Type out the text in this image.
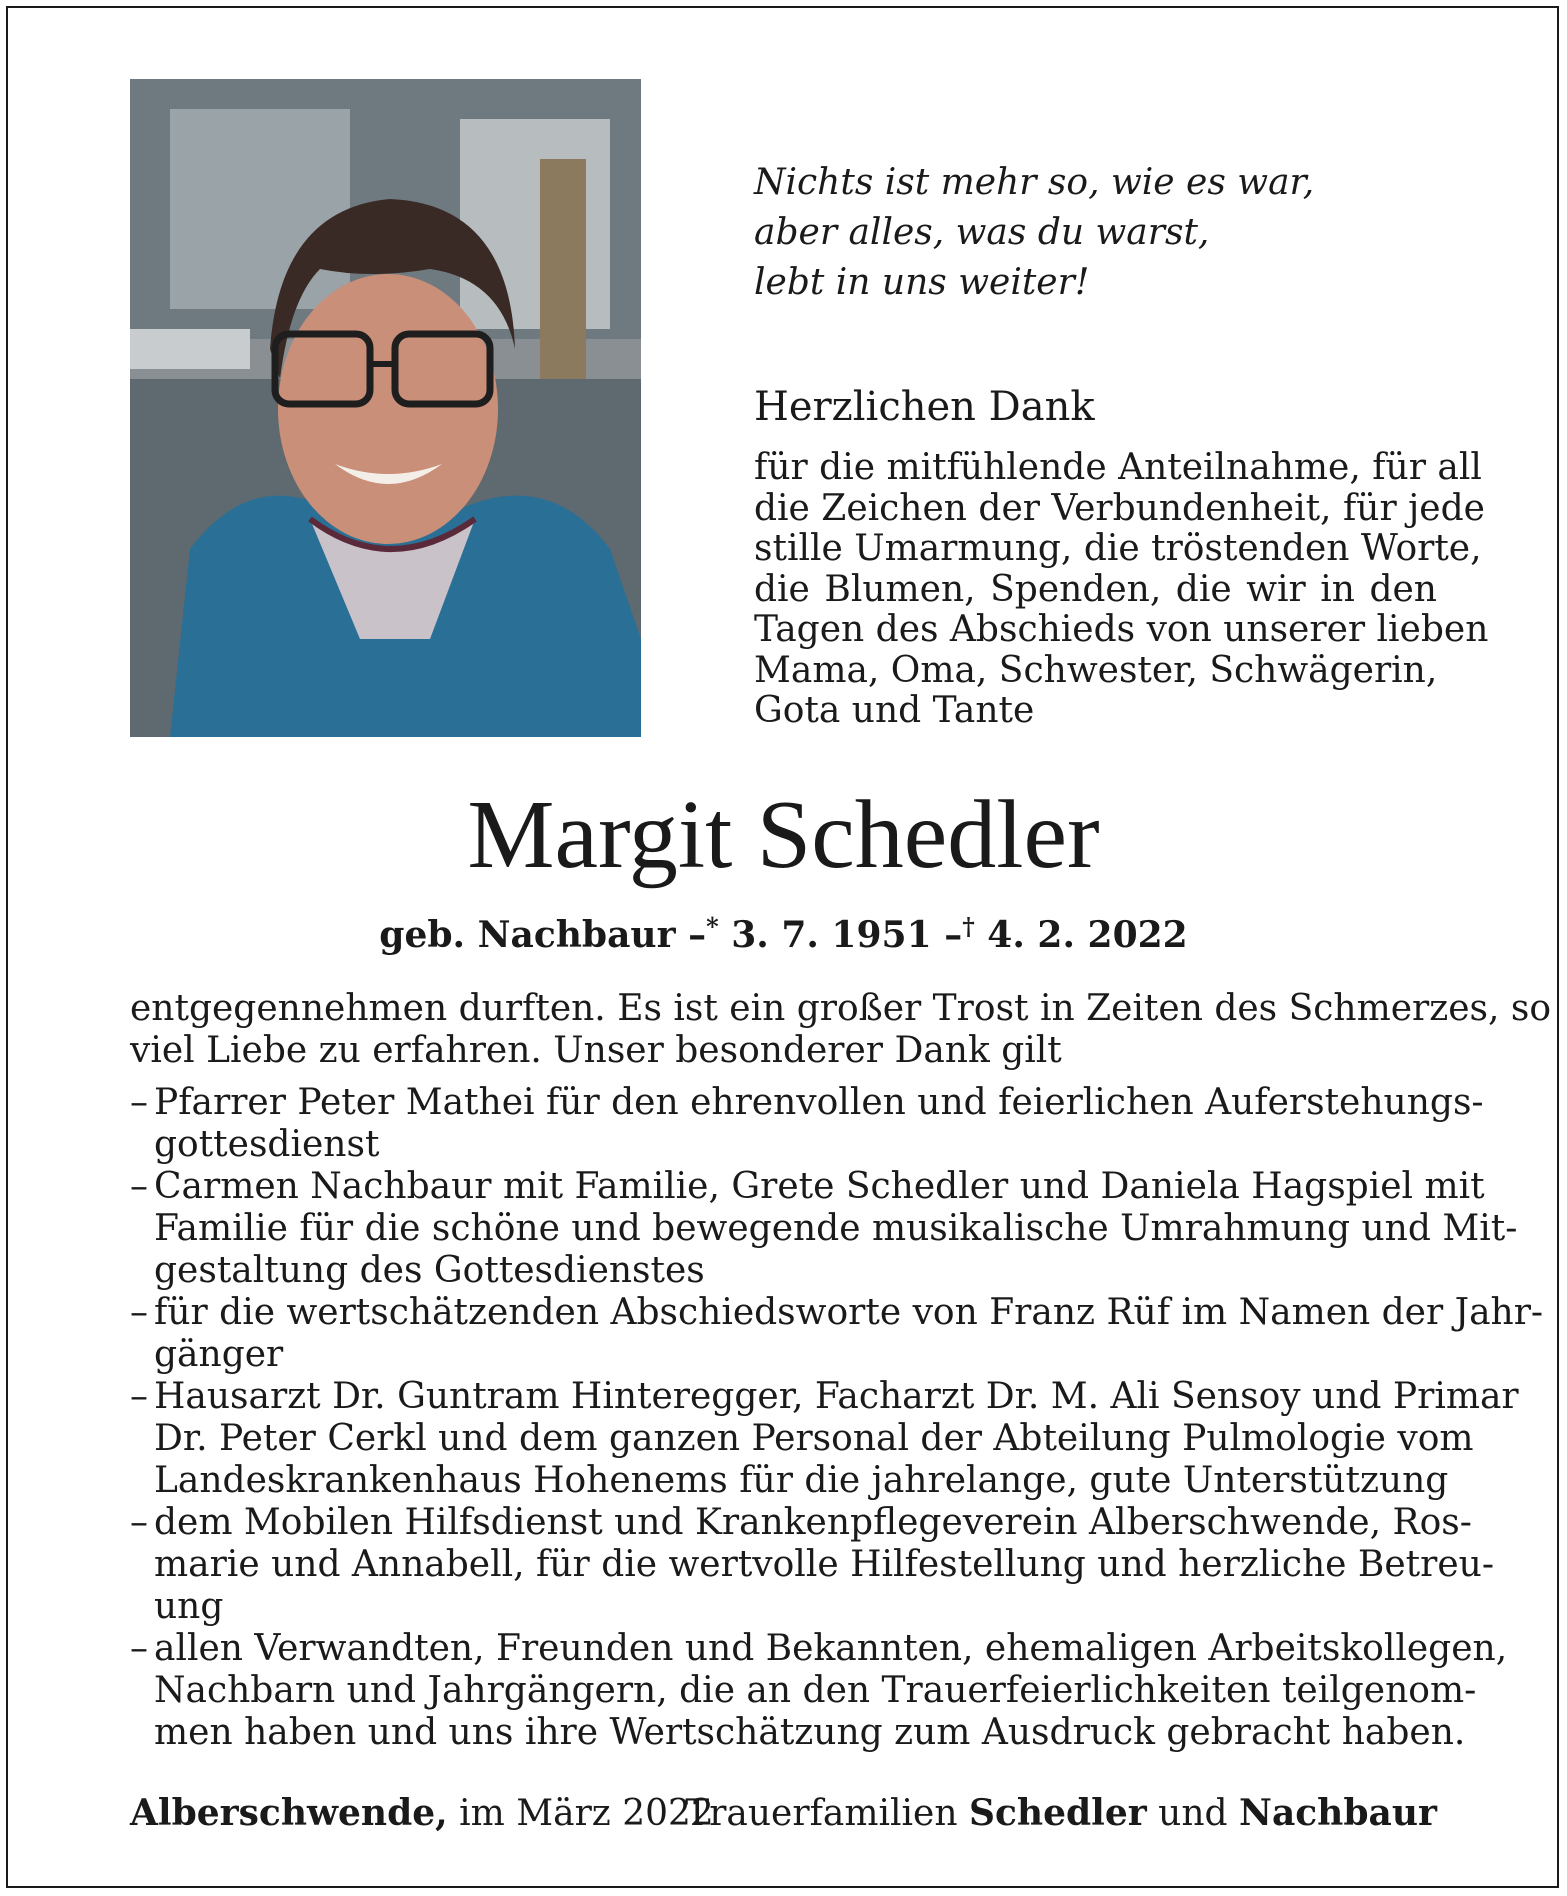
Nichts ist mehr so, wie es war,
aber alles, was du warst,
lebt in uns weiter!
Herzlichen Dank
für die mitfühlende Anteilnahme, für all
die Zeichen der Verbundenheit, für jede
stille Umarmung, die tröstenden Worte,
die Blumen, Spenden, die wir in den
Tagen des Abschieds von unserer lieben
Mama, Oma, Schwester, Schwägerin,
Gota und Tante
Margit Schedler
geb. Nachbaur –* 3. 7. 1951 –† 4. 2. 2022
entgegennehmen durften. Es ist ein großer Trost in Zeiten des Schmerzes, so
viel Liebe zu erfahren. Unser besonderer Dank gilt
– Pfarrer Peter Mathei für den ehrenvollen und feierlichen Auferstehungs-
gottesdienst
– Carmen Nachbaur mit Familie, Grete Schedler und Daniela Hagspiel mit
Familie für die schöne und bewegende musikalische Umrahmung und Mit-
gestaltung des Gottesdienstes
– für die wertschätzenden Abschiedsworte von Franz Rüf im Namen der Jahr-
gänger
– Hausarzt Dr. Guntram Hinteregger, Facharzt Dr. M. Ali Sensoy und Primar
Dr. Peter Cerkl und dem ganzen Personal der Abteilung Pulmologie vom
Landeskrankenhaus Hohenems für die jahrelange, gute Unterstützung
– dem Mobilen Hilfsdienst und Krankenpflegeverein Alberschwende, Ros-
marie und Annabell, für die wertvolle Hilfestellung und herzliche Betreu-
ung
– allen Verwandten, Freunden und Bekannten, ehemaligen Arbeitskollegen,
Nachbarn und Jahrgängern, die an den Trauerfeierlichkeiten teilgenom-
men haben und uns ihre Wertschätzung zum Ausdruck gebracht haben.
Alberschwende, im März 2022
Trauerfamilien Schedler und Nachbaur
